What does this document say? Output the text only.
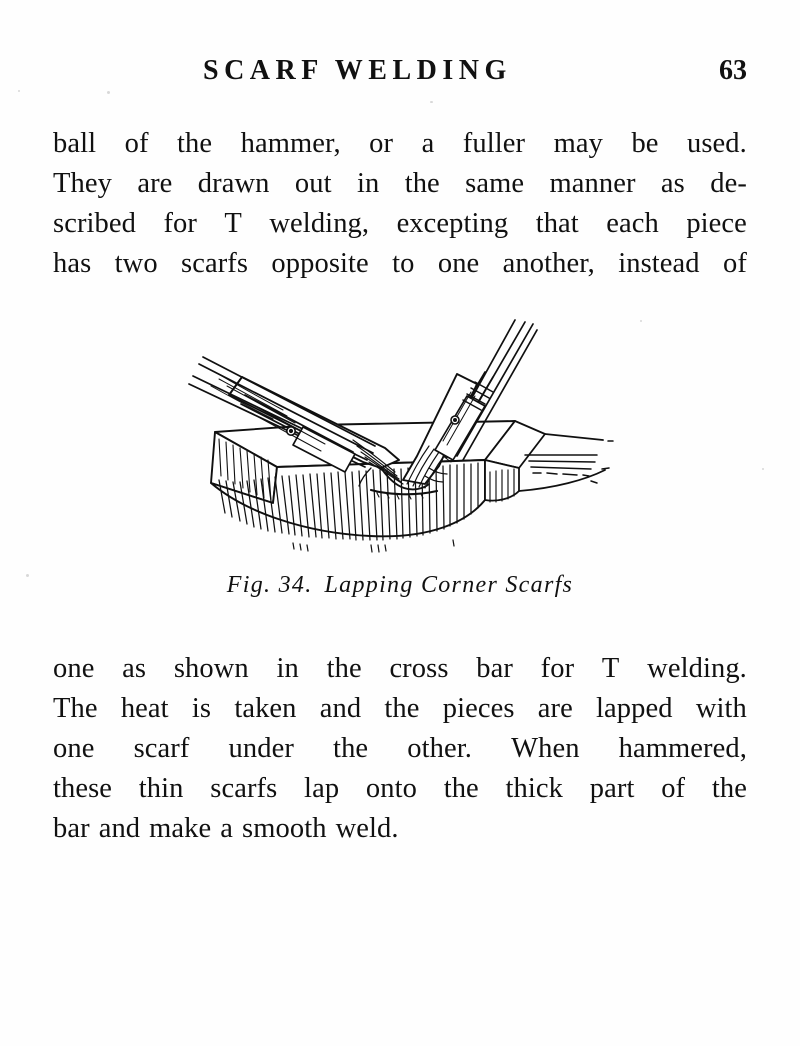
SCARF WELDING	63
ball of the hammer, or a fuller may be used.
They are drawn out in the same manner as de-
scribed for T welding, excepting that each piece
has two scarfs opposite to one another, instead of
Fig. 34. Lapping Corner Scarfs
one as shown in the cross bar for T welding.
The heat is taken and the pieces are lapped with
one scarf under the other. When hammered,
these thin scarfs lap onto the thick part of the
bar and make a smooth weld.
